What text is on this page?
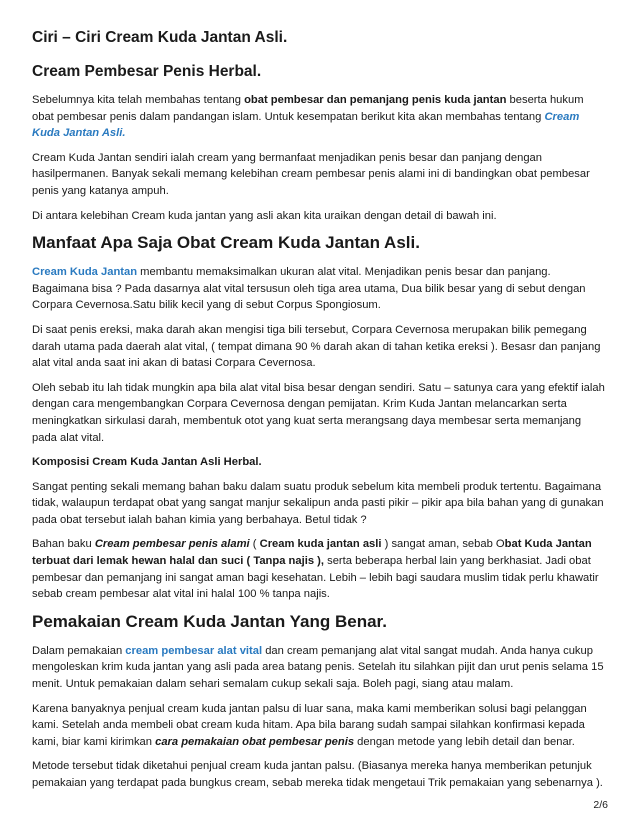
Ciri – Ciri Cream Kuda Jantan Asli.
Cream Pembesar Penis Herbal.

Sebelumnya kita telah membahas tentang obat pembesar dan pemanjang penis kuda jantan beserta hukum obat pembesar penis dalam pandangan islam. Untuk kesempatan berikut kita akan membahas tentang Cream Kuda Jantan Asli.

Cream Kuda Jantan sendiri ialah cream yang bermanfaat menjadikan penis besar dan panjang dengan hasilpermanen. Banyak sekali memang kelebihan cream pembesar penis alami ini di bandingkan obat pembesar penis yang katanya ampuh.

Di antara kelebihan Cream kuda jantan yang asli akan kita uraikan dengan detail di bawah ini.

Manfaat Apa Saja Obat Cream Kuda Jantan Asli.

Cream Kuda Jantan membantu memaksimalkan ukuran alat vital. Menjadikan penis besar dan panjang. Bagaimana bisa ? Pada dasarnya alat vital tersusun oleh tiga area utama, Dua bilik besar yang di sebut dengan Corpara Cevernosa.Satu bilik kecil yang di sebut Corpus Spongiosum.

Di saat penis ereksi, maka darah akan mengisi tiga bili tersebut, Corpara Cevernosa merupakan bilik pemegang darah utama pada daerah alat vital, ( tempat dimana 90 % darah akan di tahan ketika ereksi ). Besasr dan panjang alat vital anda saat ini akan di batasi Corpara Cevernosa.

Oleh sebab itu lah tidak mungkin apa bila alat vital bisa besar dengan sendiri. Satu – satunya cara yang efektif ialah dengan cara mengembangkan Corpara Cevernosa dengan pemijatan. Krim Kuda Jantan melancarkan serta meningkatkan sirkulasi darah, membentuk otot yang kuat serta merangsang daya membesar serta memanjang pada alat vital.

Komposisi Cream Kuda Jantan Asli Herbal.

Sangat penting sekali memang bahan baku dalam suatu produk sebelum kita membeli produk tertentu. Bagaimana tidak, walaupun terdapat obat yang sangat manjur sekalipun anda pasti pikir – pikir apa bila bahan yang di gunakan pada obat tersebut ialah bahan kimia yang berbahaya. Betul tidak ?

Bahan baku Cream pembesar penis alami ( Cream kuda jantan asli ) sangat aman, sebab Obat Kuda Jantan terbuat dari lemak hewan halal dan suci ( Tanpa najis ), serta beberapa herbal lain yang berkhasiat. Jadi obat pembesar dan pemanjang ini sangat aman bagi kesehatan. Lebih – lebih bagi saudara muslim tidak perlu khawatir sebab cream pembesar alat vital ini halal 100 % tanpa najis.

Pemakaian Cream Kuda Jantan Yang Benar.

Dalam pemakaian cream pembesar alat vital dan cream pemanjang alat vital sangat mudah. Anda hanya cukup mengoleskan krim kuda jantan yang asli pada area batang penis. Setelah itu silahkan pijit dan urut penis selama 15 menit. Untuk pemakaian dalam sehari semalam cukup sekali saja. Boleh pagi, siang atau malam.

Karena banyaknya penjual cream kuda jantan palsu di luar sana, maka kami memberikan solusi bagi pelanggan kami. Setelah anda membeli obat cream kuda hitam. Apa bila barang sudah sampai silahkan konfirmasi kepada kami, biar kami kirimkan cara pemakaian obat pembesar penis dengan metode yang lebih detail dan benar.

Metode tersebut tidak diketahui penjual cream kuda jantan palsu. (Biasanya mereka hanya memberikan petunjuk pemakaian yang terdapat pada bungkus cream, sebab mereka tidak mengetaui Trik pemakaian yang sebenarnya ).

2/6
